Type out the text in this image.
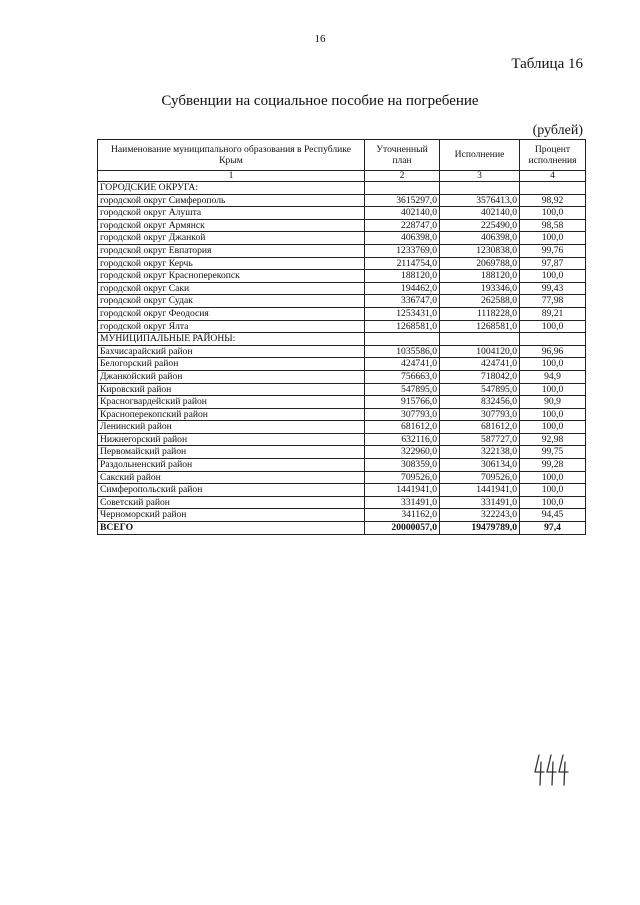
16
Таблица 16
Субвенции на социальное пособие на погребение
(рублей)
Наименование муниципального образования в Республике Крым	Уточненный план	Исполнение	Процент исполнения
1	2	3	4
ГОРОДСКИЕ ОКРУГА:			
городской округ Симферополь	3615297,0	3576413,0	98,92
городской округ Алушта	402140,0	402140,0	100,0
городской округ Армянск	228747,0	225490,0	98,58
городской округ Джанкой	406398,0	406398,0	100,0
городской округ Евпатория	1233769,0	1230838,0	99,76
городской округ Керчь	2114754,0	2069788,0	97,87
городской округ Красноперекопск	188120,0	188120,0	100,0
городской округ Саки	194462,0	193346,0	99,43
городской округ Судак	336747,0	262588,0	77,98
городской округ Феодосия	1253431,0	1118228,0	89,21
городской округ Ялта	1268581,0	1268581,0	100,0
МУНИЦИПАЛЬНЫЕ РАЙОНЫ:			
Бахчисарайский район	1035586,0	1004120,0	96,96
Белогорский район	424741,0	424741,0	100,0
Джанкойский район	756663,0	718042,0	94,9
Кировский район	547895,0	547895,0	100,0
Красногвардейский район	915766,0	832456,0	90,9
Красноперекопский район	307793,0	307793,0	100,0
Ленинский район	681612,0	681612,0	100,0
Нижнегорский район	632116,0	587727,0	92,98
Первомайский район	322960,0	322138,0	99,75
Раздольненский район	308359,0	306134,0	99,28
Сакский район	709526,0	709526,0	100,0
Симферопольский район	1441941,0	1441941,0	100,0
Советский район	331491,0	331491,0	100,0
Черноморский район	341162,0	322243,0	94,45
ВСЕГО	20000057,0	19479789,0	97,4
